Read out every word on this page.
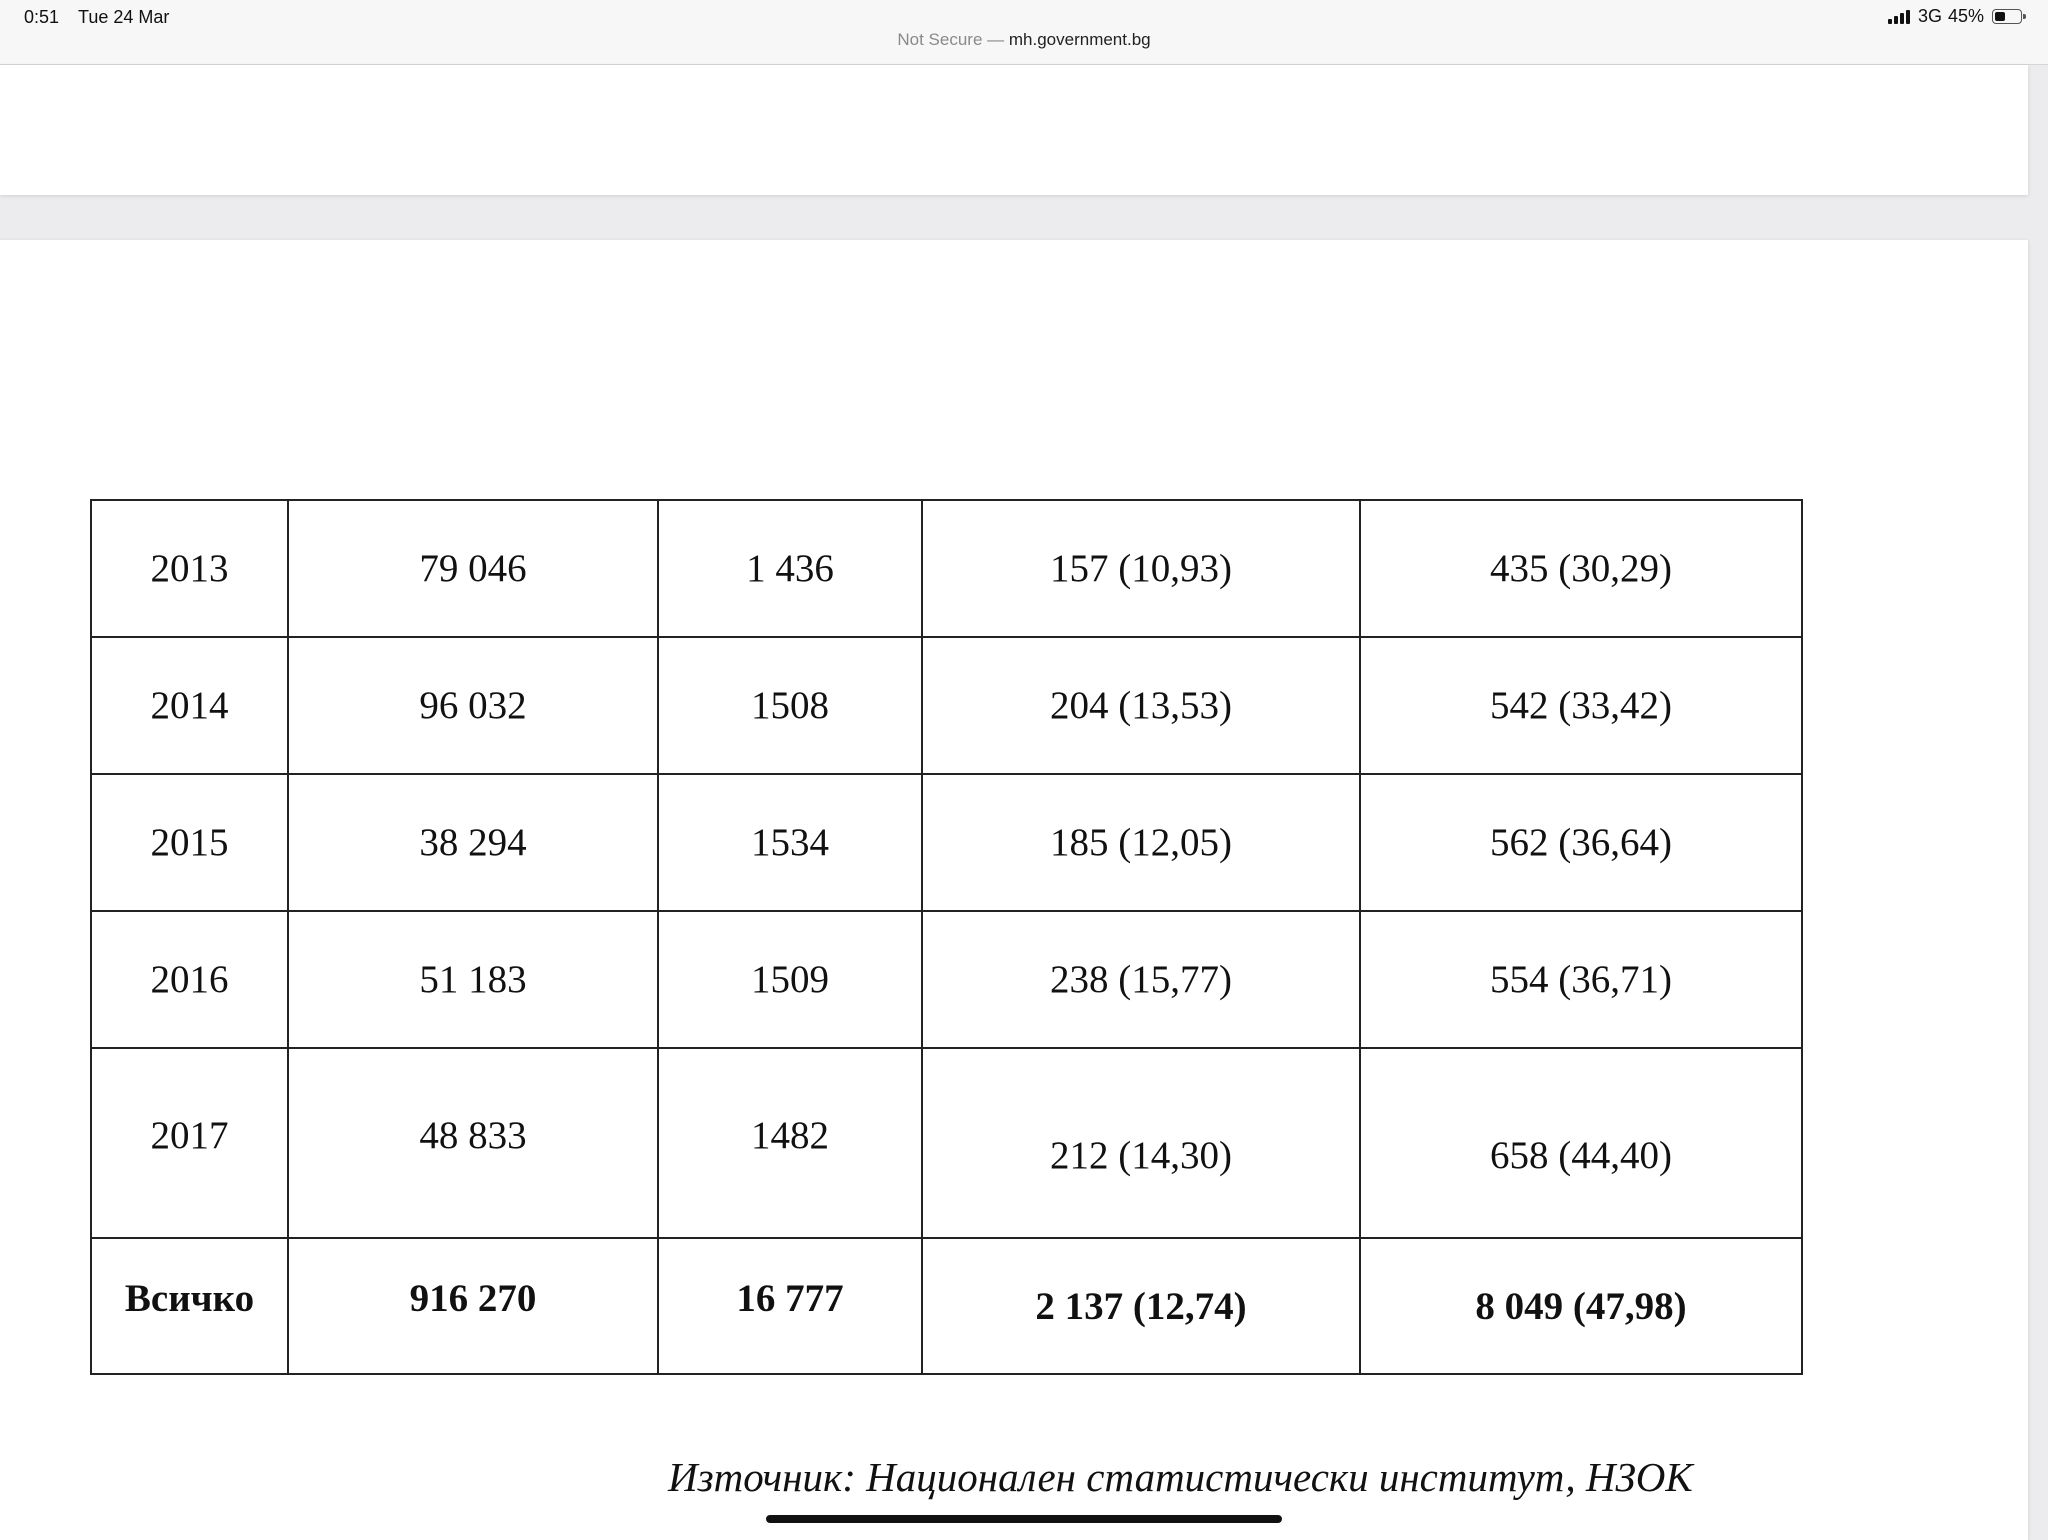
0:51 Tue 24 Mar	3G 45%
Not Secure — mh.government.bg
2013	79 046	1 436	157 (10,93)	435 (30,29)
2014	96 032	1508	204 (13,53)	542 (33,42)
2015	38 294	1534	185 (12,05)	562 (36,64)
2016	51 183	1509	238 (15,77)	554 (36,71)
2017	48 833	1482	212 (14,30)	658 (44,40)
Всичко	916 270	16 777	2 137 (12,74)	8 049 (47,98)
Източник: Национален статистически институт, НЗОК
